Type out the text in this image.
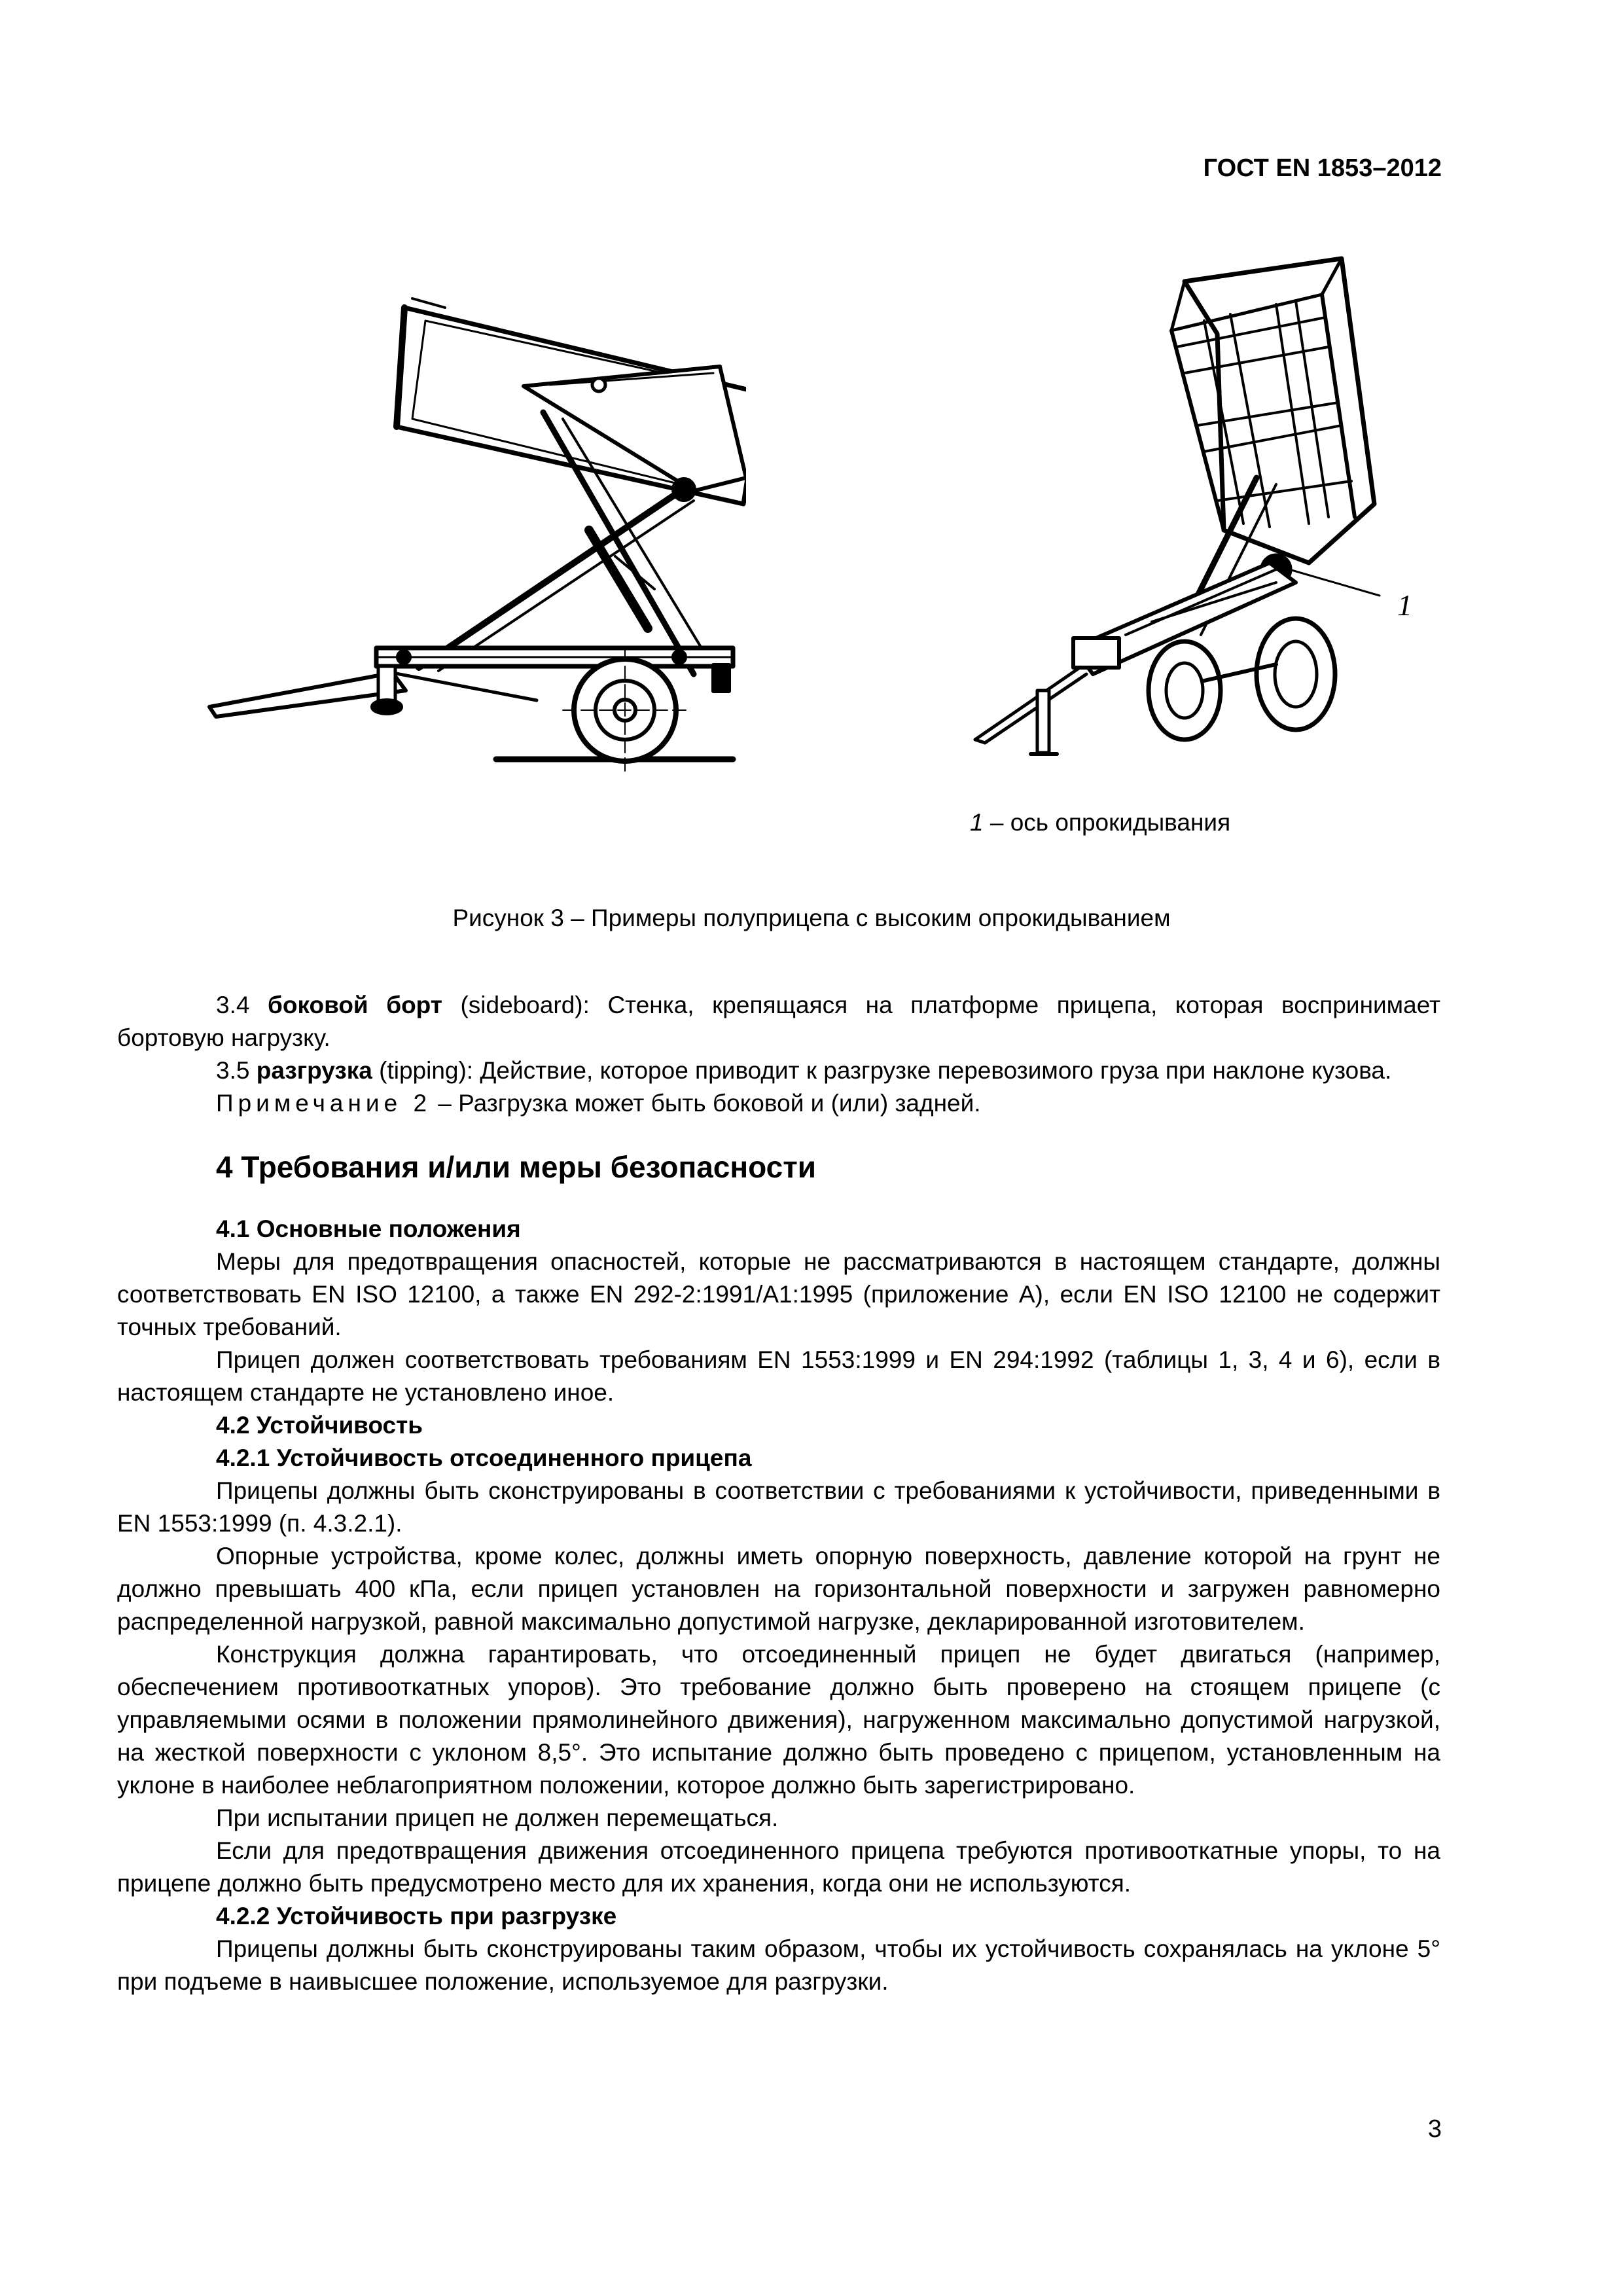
ГОСТ EN 1853–2012
1
1 – ось опрокидывания
Рисунок 3 – Примеры полуприцепа с высоким опрокидыванием

3.4 боковой борт (sideboard): Стенка, крепящаяся на платформе прицепа, которая воспринимает бортовую нагрузку.

3.5 разгрузка (tipping): Действие, которое приводит к разгрузке перевозимого груза при наклоне кузова.

Примечание 2 – Разгрузка может быть боковой и (или) задней.

4 Требования и/или меры безопасности

4.1 Основные положения

Меры для предотвращения опасностей, которые не рассматриваются в настоящем стандарте, должны соответствовать EN ISO 12100, а также EN 292-2:1991/A1:1995 (приложение А), если EN ISO 12100 не содержит точных требований.

Прицеп должен соответствовать требованиям EN 1553:1999 и EN 294:1992 (таблицы 1, 3, 4 и 6), если в настоящем стандарте не установлено иное.

4.2 Устойчивость

4.2.1 Устойчивость отсоединенного прицепа

Прицепы должны быть сконструированы в соответствии с требованиями к устойчивости, приведенными в EN 1553:1999 (п. 4.3.2.1).

Опорные устройства, кроме колес, должны иметь опорную поверхность, давление которой на грунт не должно превышать 400 кПа, если прицеп установлен на горизонтальной поверхности и загружен равномерно распределенной нагрузкой, равной максимально допустимой нагрузке, декларированной изготовителем.

Конструкция должна гарантировать, что отсоединенный прицеп не будет двигаться (например, обеспечением противооткатных упоров). Это требование должно быть проверено на стоящем прицепе (с управляемыми осями в положении прямолинейного движения), нагруженном максимально допустимой нагрузкой, на жесткой поверхности с уклоном 8,5°. Это испытание должно быть проведено с прицепом, установленным на уклоне в наиболее неблагоприятном положении, которое должно быть зарегистрировано.

При испытании прицеп не должен перемещаться.

Если для предотвращения движения отсоединенного прицепа требуются противооткатные упоры, то на прицепе должно быть предусмотрено место для их хранения, когда они не используются.

4.2.2 Устойчивость при разгрузке

Прицепы должны быть сконструированы таким образом, чтобы их устойчивость сохранялась на уклоне 5° при подъеме в наивысшее положение, используемое для разгрузки.

3
